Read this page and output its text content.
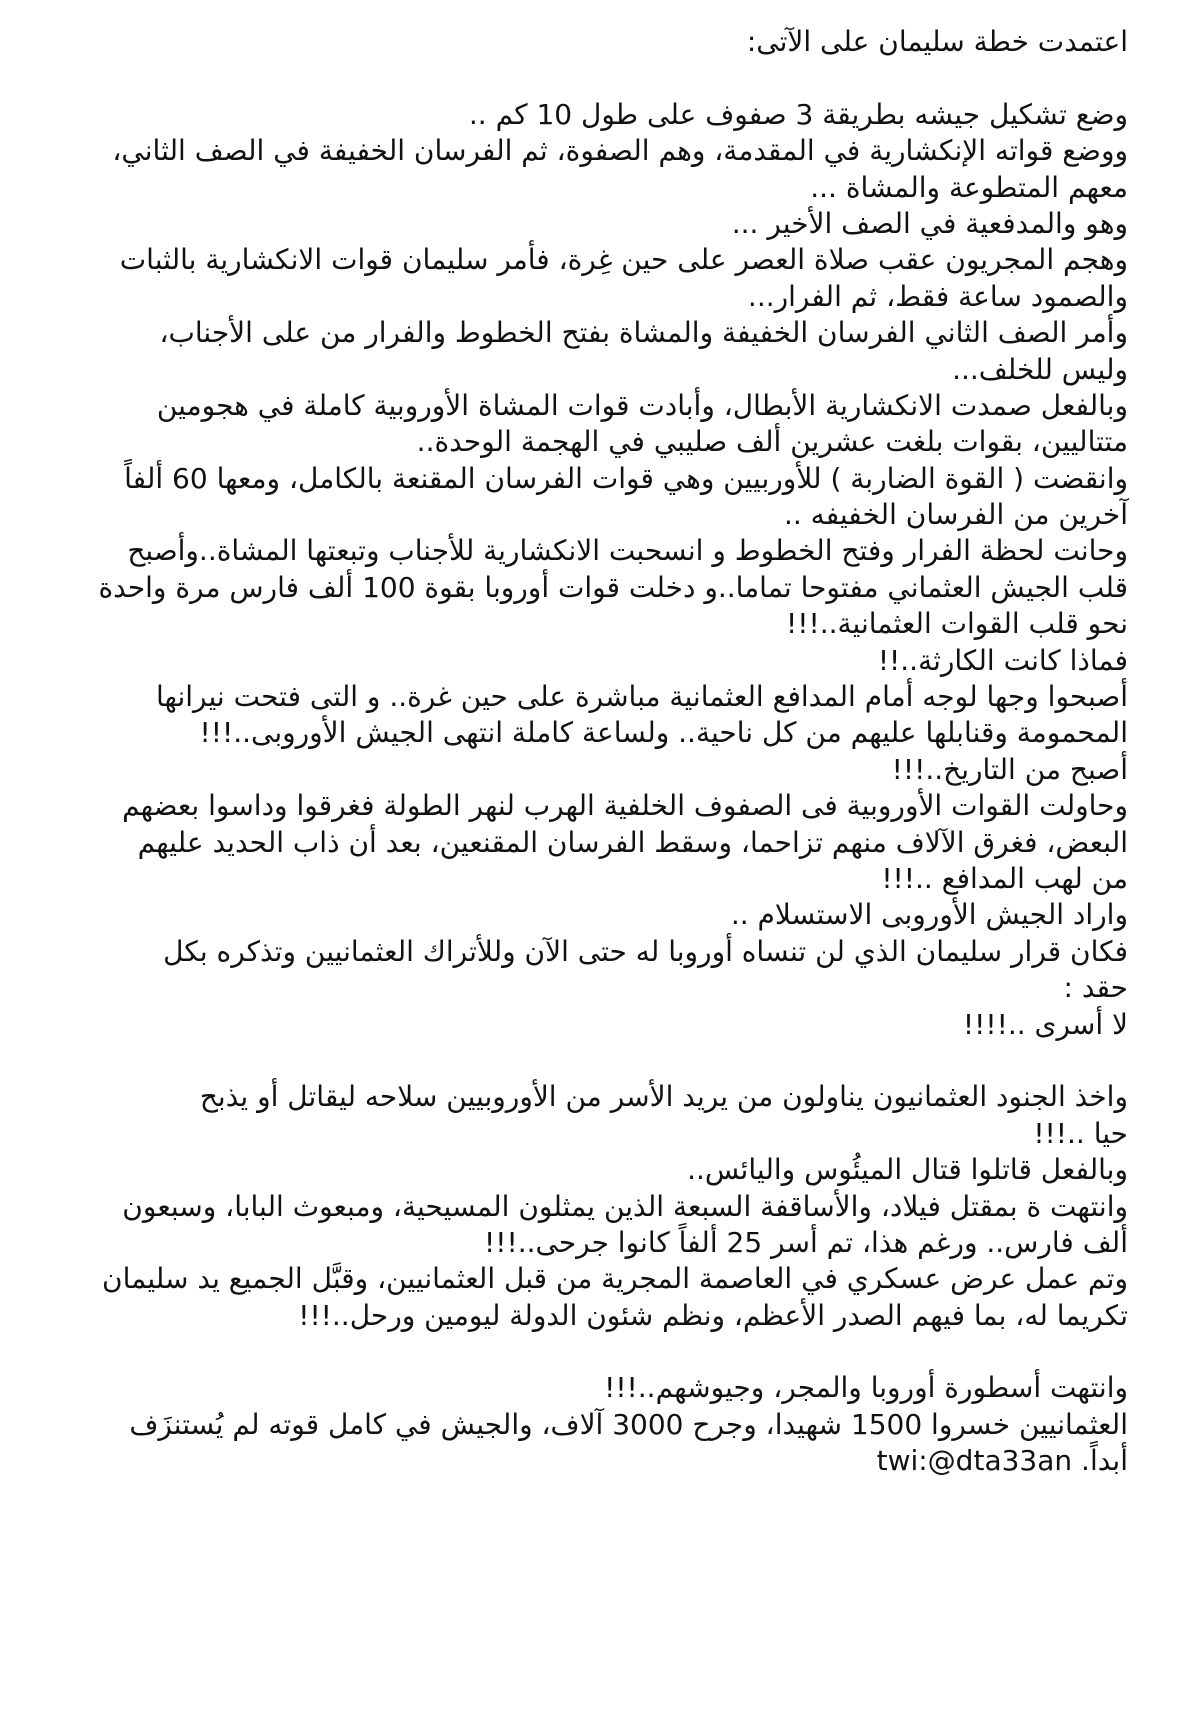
اعتمدت خطة سليمان على الآتى:
وضع تشكيل جيشه بطريقة 3 صفوف على طول 10 كم ..
ووضع قواته الإنكشارية في المقدمة، وهم الصفوة، ثم الفرسان الخفيفة في الصف الثاني،
معهم المتطوعة والمشاة ...
وهو والمدفعية في الصف الأخير ...
وهجم المجريون عقب صلاة العصر على حين غِرة، فأمر سليمان قوات الانكشارية بالثبات
والصمود ساعة فقط، ثم الفرار...
وأمر الصف الثاني الفرسان الخفيفة والمشاة بفتح الخطوط والفرار من على الأجناب،
وليس للخلف...
وبالفعل صمدت الانكشارية الأبطال، وأبادت قوات المشاة الأوروبية كاملة في هجومين
متتاليين، بقوات بلغت عشرين ألف صليبي في الهجمة الوحدة..
وانقضت ( القوة الضاربة ) للأوربيين وهي قوات الفرسان المقنعة بالكامل، ومعها 60 ألفاً
آخرين من الفرسان الخفيفه ..
وحانت لحظة الفرار وفتح الخطوط و انسحبت الانكشارية للأجناب وتبعتها المشاة..وأصبح
قلب الجيش العثماني مفتوحا تماما..و دخلت قوات أوروبا بقوة 100 ألف فارس مرة واحدة
نحو قلب القوات العثمانية..!!!
فماذا كانت الكارثة..!!
أصبحوا وجها لوجه أمام المدافع العثمانية مباشرة على حين غرة.. و التى فتحت نيرانها
المحمومة وقنابلها عليهم من كل ناحية.. ولساعة كاملة انتهى الجيش الأوروبى..!!!
أصبح من التاريخ..!!!
وحاولت القوات الأوروبية فى الصفوف الخلفية الهرب لنهر الطولة فغرقوا وداسوا بعضهم
البعض، فغرق الآلاف منهم تزاحما، وسقط الفرسان المقنعين، بعد أن ذاب الحديد عليهم
من لهب المدافع ..!!!
واراد الجيش الأوروبى الاستسلام ..
فكان قرار سليمان الذي لن تنساه أوروبا له حتى الآن وللأتراك العثمانيين وتذكره بكل
حقد :
لا أسرى ..!!!!
واخذ الجنود العثمانيون يناولون من يريد الأسر من الأوروبيين سلاحه ليقاتل أو يذبح
حيا ..!!!
وبالفعل قاتلوا قتال الميئُوس واليائس..
وانتهت ة بمقتل فيلاد، والأساقفة السبعة الذين يمثلون المسيحية، ومبعوث البابا، وسبعون
ألف فارس.. ورغم هذا، تم أسر 25 ألفاً كانوا جرحى..!!!
وتم عمل عرض عسكري في العاصمة المجرية من قبل العثمانيين، وقبَّل الجميع يد سليمان
تكريما له، بما فيهم الصدر الأعظم، ونظم شئون الدولة ليومين ورحل..!!!
وانتهت أسطورة أوروبا والمجر، وجيوشهم..!!!
العثمانيين خسروا 1500 شهيدا، وجرح 3000 آلاف، والجيش في كامل قوته لم يُستنزَف
أبداً. twi:@dta33an
